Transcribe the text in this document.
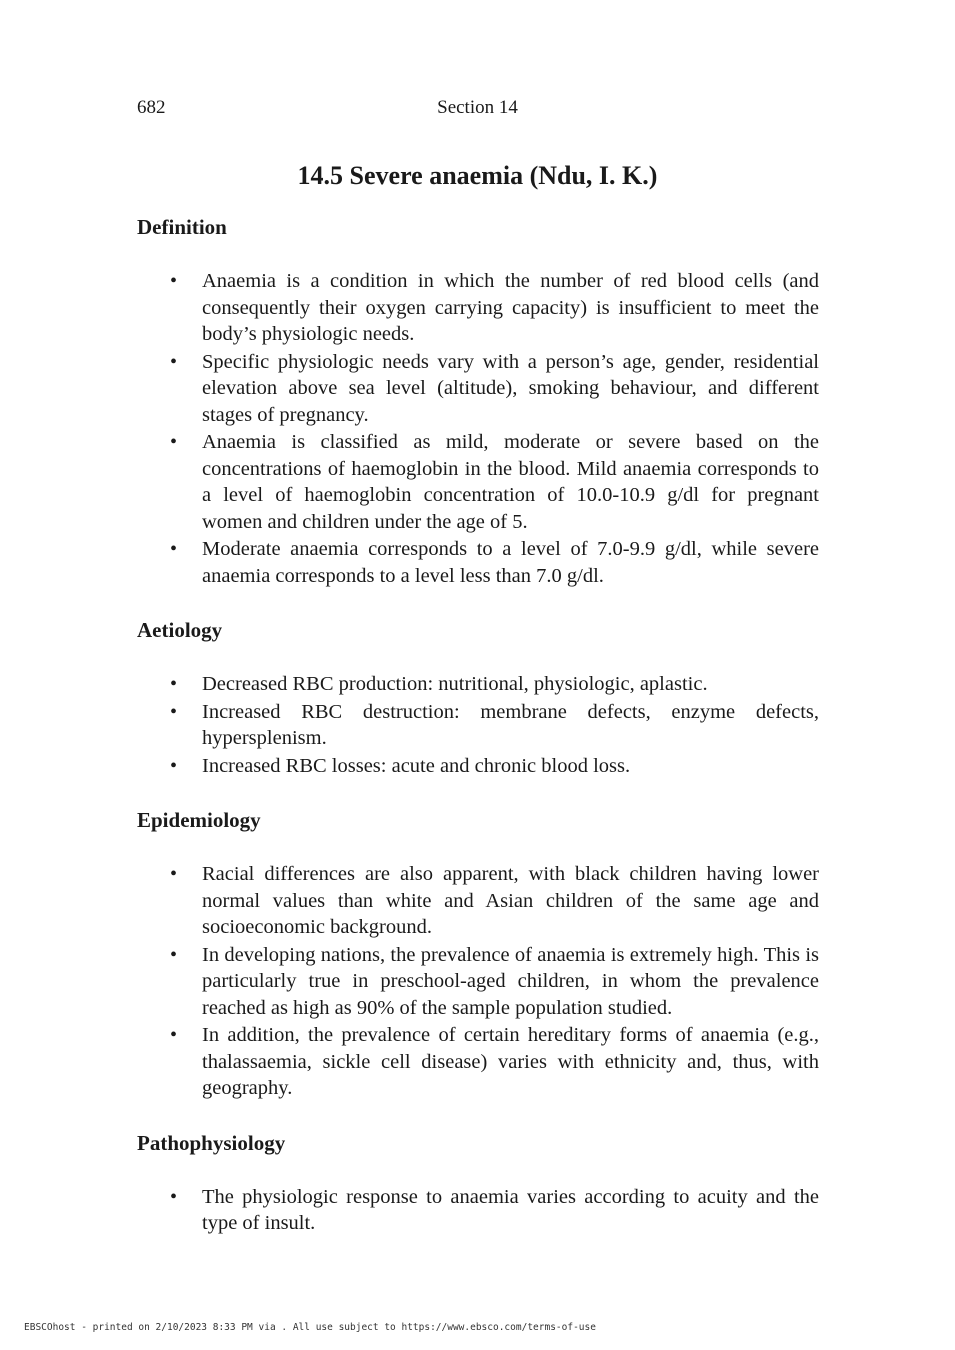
682	Section 14
14.5 Severe anaemia (Ndu, I. K.)
Definition
• Anaemia is a condition in which the number of red blood cells (and consequently their oxygen carrying capacity) is insufficient to meet the body’s physiologic needs.
• Specific physiologic needs vary with a person’s age, gender, residential elevation above sea level (altitude), smoking behaviour, and different stages of pregnancy.
• Anaemia is classified as mild, moderate or severe based on the concentrations of haemoglobin in the blood. Mild anaemia corresponds to a level of haemoglobin concentration of 10.0-10.9 g/dl for pregnant women and children under the age of 5.
• Moderate anaemia corresponds to a level of 7.0-9.9 g/dl, while severe anaemia corresponds to a level less than 7.0 g/dl.
Aetiology
• Decreased RBC production: nutritional, physiologic, aplastic.
• Increased RBC destruction: membrane defects, enzyme defects, hypersplenism.
• Increased RBC losses: acute and chronic blood loss.
Epidemiology
• Racial differences are also apparent, with black children having lower normal values than white and Asian children of the same age and socioeconomic background.
• In developing nations, the prevalence of anaemia is extremely high. This is particularly true in preschool-aged children, in whom the prevalence reached as high as 90% of the sample population studied.
• In addition, the prevalence of certain hereditary forms of anaemia (e.g., thalassaemia, sickle cell disease) varies with ethnicity and, thus, with geography.
Pathophysiology
• The physiologic response to anaemia varies according to acuity and the type of insult.
EBSCOhost - printed on 2/10/2023 8:33 PM via . All use subject to https://www.ebsco.com/terms-of-use
